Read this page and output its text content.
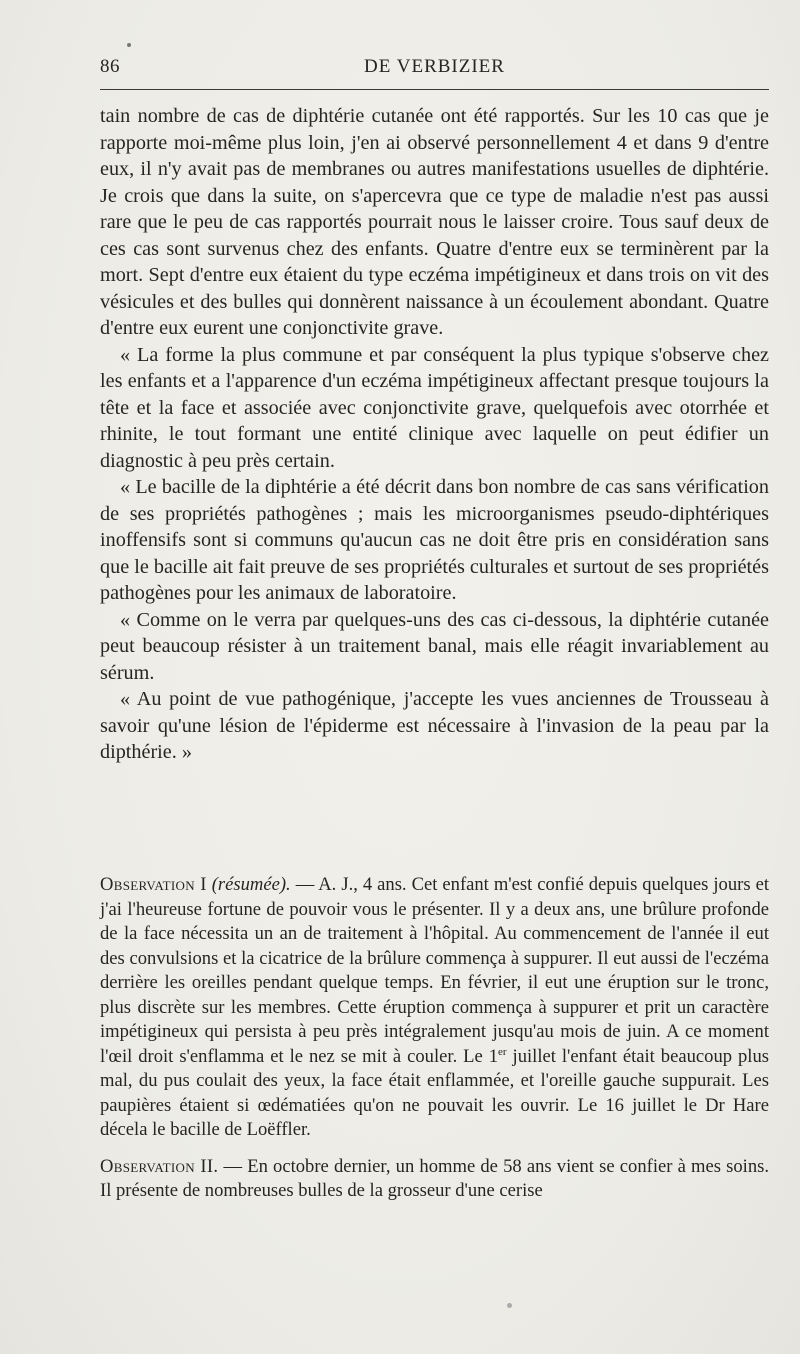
86	DE VERBIZIER

tain nombre de cas de diphtérie cutanée ont été rapportés. Sur les 10 cas que je rapporte moi-même plus loin, j'en ai observé personnellement 4 et dans 9 d'entre eux, il n'y avait pas de membranes ou autres manifestations usuelles de diphtérie. Je crois que dans la suite, on s'apercevra que ce type de maladie n'est pas aussi rare que le peu de cas rapportés pourrait nous le laisser croire. Tous sauf deux de ces cas sont survenus chez des enfants. Quatre d'entre eux se terminèrent par la mort. Sept d'entre eux étaient du type eczéma impétigineux et dans trois on vit des vésicules et des bulles qui donnèrent naissance à un écoulement abondant. Quatre d'entre eux eurent une conjonctivite grave.

« La forme la plus commune et par conséquent la plus typique s'observe chez les enfants et a l'apparence d'un eczéma impétigineux affectant presque toujours la tête et la face et associée avec conjonctivite grave, quelquefois avec otorrhée et rhinite, le tout formant une entité clinique avec laquelle on peut édifier un diagnostic à peu près certain.

« Le bacille de la diphtérie a été décrit dans bon nombre de cas sans vérification de ses propriétés pathogènes ; mais les microorganismes pseudo-diphtériques inoffensifs sont si communs qu'aucun cas ne doit être pris en considération sans que le bacille ait fait preuve de ses propriétés culturales et surtout de ses propriétés pathogènes pour les animaux de laboratoire.

« Comme on le verra par quelques-uns des cas ci-dessous, la diphtérie cutanée peut beaucoup résister à un traitement banal, mais elle réagit invariablement au sérum.

« Au point de vue pathogénique, j'accepte les vues anciennes de Trousseau à savoir qu'une lésion de l'épiderme est nécessaire à l'invasion de la peau par la dipthérie. »

Observation I (résumée). — A. J., 4 ans. Cet enfant m'est confié depuis quelques jours et j'ai l'heureuse fortune de pouvoir vous le présenter. Il y a deux ans, une brûlure profonde de la face nécessita un an de traitement à l'hôpital. Au commencement de l'année il eut des convulsions et la cicatrice de la brûlure commença à suppurer. Il eut aussi de l'eczéma derrière les oreilles pendant quelque temps. En février, il eut une éruption sur le tronc, plus discrète sur les membres. Cette éruption commença à suppurer et prit un caractère impétigineux qui persista à peu près intégralement jusqu'au mois de juin. A ce moment l'œil droit s'enflamma et le nez se mit à couler. Le 1er juillet l'enfant était beaucoup plus mal, du pus coulait des yeux, la face était enflammée, et l'oreille gauche suppurait. Les paupières étaient si œdématiées qu'on ne pouvait les ouvrir. Le 16 juillet le Dr Hare décela le bacille de Loëffler.

Observation II. — En octobre dernier, un homme de 58 ans vient se confier à mes soins. Il présente de nombreuses bulles de la grosseur d'une cerise
